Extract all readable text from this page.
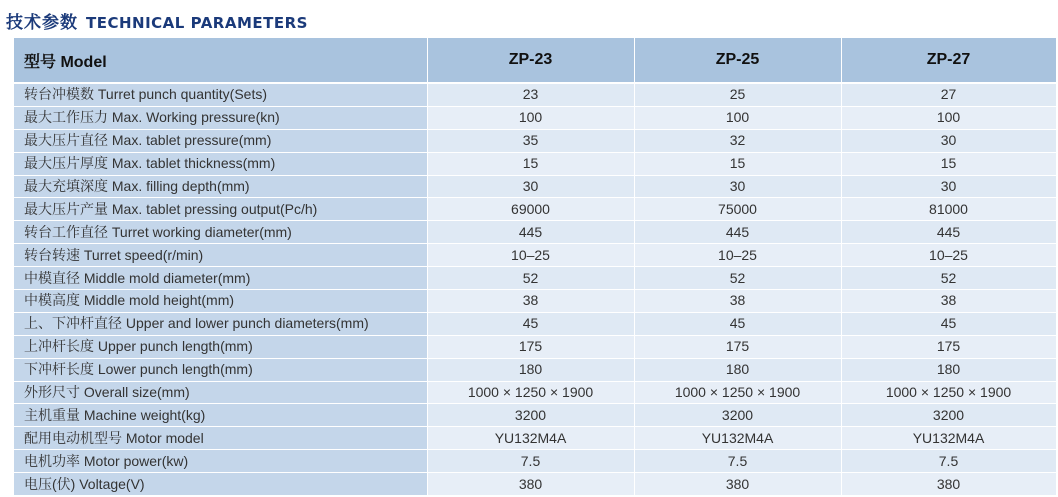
技术参数 TECHNICAL PARAMETERS
型号 Model	ZP-23	ZP-25	ZP-27
转台冲模数 Turret punch quantity(Sets)	23	25	27
最大工作压力 Max. Working pressure(kn)	100	100	100
最大压片直径 Max. tablet pressure(mm)	35	32	30
最大压片厚度 Max. tablet thickness(mm)	15	15	15
最大充填深度 Max. filling depth(mm)	30	30	30
最大压片产量 Max. tablet pressing output(Pc/h)	69000	75000	81000
转台工作直径 Turret working diameter(mm)	445	445	445
转台转速 Turret speed(r/min)	10–25	10–25	10–25
中模直径 Middle mold diameter(mm)	52	52	52
中模高度 Middle mold height(mm)	38	38	38
上、下冲杆直径 Upper and lower punch diameters(mm)	45	45	45
上冲杆长度 Upper punch length(mm)	175	175	175
下冲杆长度 Lower punch length(mm)	180	180	180
外形尺寸 Overall size(mm)	1000 × 1250 × 1900	1000 × 1250 × 1900	1000 × 1250 × 1900
主机重量 Machine weight(kg)	3200	3200	3200
配用电动机型号 Motor model	YU132M4A	YU132M4A	YU132M4A
电机功率 Motor power(kw)	7.5	7.5	7.5
电压(伏) Voltage(V)	380	380	380
